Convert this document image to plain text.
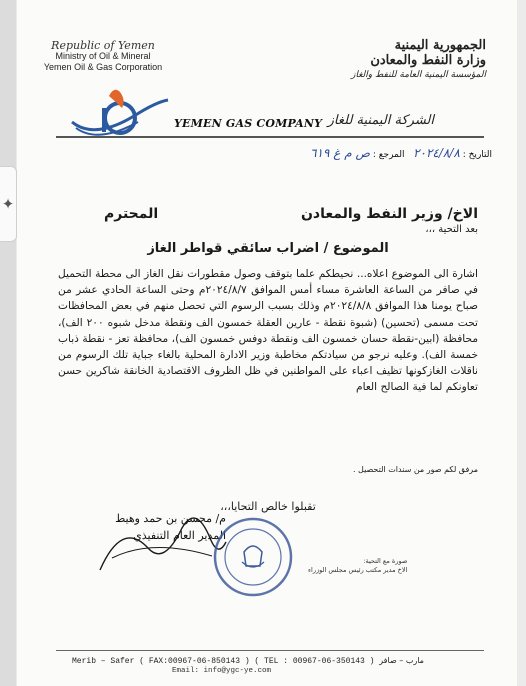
✦
Republic of Yemen
Ministry of Oil & Mineral
Yemen Oil & Gas Corporation
الجمهورية اليمنية
وزارة النفط والمعادن
المؤسسة اليمنية العامة للنفط والغاز
YEMEN GAS COMPANY الشركة اليمنية للغاز
التاريخ : ٢٠٢٤/٨/٨   المرجع : ص م غ ٦١٩
الاخ/ وزير النفط والمعادن
المحترم
بعد التحية ،،،
الموضوع / اضراب سائقي قواطر الغاز
اشارة الى الموضوع اعلاه... نحيطكم علما بتوقف وصول مقطورات نقل الغاز الى محطة التحميل في صافر من الساعة العاشرة مساء أمس الموافق ٢٠٢٤/٨/٧م وحتى الساعة الحادي عشر من صباح يومنا هذا الموافق ٢٠٢٤/٨/٨م وذلك بسبب الرسوم التي تحصل منهم في بعض المحافظات تحت مسمى (تحسين) (شبوة نقطة - عارين العقلة خمسون الف ونقطة مدخل شبوه ٢٠٠ الف)، محافظة (ابين-نقطة حسان خمسون الف ونقطة دوفس خمسون الف)، محافظة تعز - نقطة ذباب خمسة الف). وعليه نرجو من سيادتكم مخاطبة وزير الادارة المحلية بالغاء جباية تلك الرسوم من ناقلات الغازكونها تظيف اعباء على المواطنين في ظل الظروف الاقتصادية الخانقة شاكرين حسن تعاونكم لما فية الصالح العام
مرفق لكم صور من سندات التحصيل .
تقبلوا خالص التحايا،،،
م/ محسن بن حمد وهيط
المدير العام التنفيذي
صورة مع التحية:
الاخ مدير مكتب رئيس مجلس الوزراء
Merib – Safer ( FAX:00967-06-850143 ) ( TEL : 00967-06-350143 ) مارب – صافر
Email: info@ygc-ye.com
